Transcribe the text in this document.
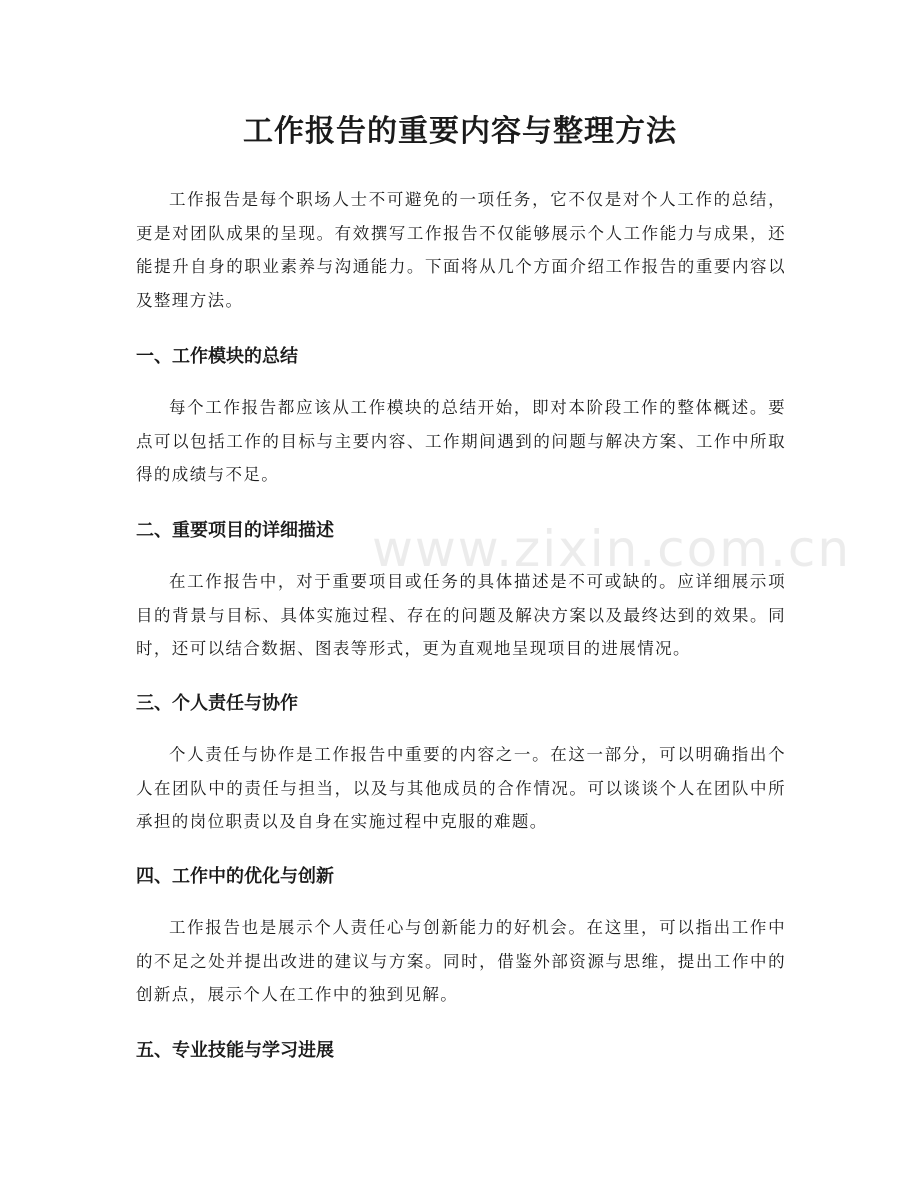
工作报告的重要内容与整理方法

工作报告是每个职场人士不可避免的一项任务，它不仅是对个人工作的总结，更是对团队成果的呈现。有效撰写工作报告不仅能够展示个人工作能力与成果，还能提升自身的职业素养与沟通能力。下面将从几个方面介绍工作报告的重要内容以及整理方法。

一、工作模块的总结

每个工作报告都应该从工作模块的总结开始，即对本阶段工作的整体概述。要点可以包括工作的目标与主要内容、工作期间遇到的问题与解决方案、工作中所取得的成绩与不足。

二、重要项目的详细描述

在工作报告中，对于重要项目或任务的具体描述是不可或缺的。应详细展示项目的背景与目标、具体实施过程、存在的问题及解决方案以及最终达到的效果。同时，还可以结合数据、图表等形式，更为直观地呈现项目的进展情况。

三、个人责任与协作

个人责任与协作是工作报告中重要的内容之一。在这一部分，可以明确指出个人在团队中的责任与担当，以及与其他成员的合作情况。可以谈谈个人在团队中所承担的岗位职责以及自身在实施过程中克服的难题。

四、工作中的优化与创新

工作报告也是展示个人责任心与创新能力的好机会。在这里，可以指出工作中的不足之处并提出改进的建议与方案。同时，借鉴外部资源与思维，提出工作中的创新点，展示个人在工作中的独到见解。

五、专业技能与学习进展
www.zixin.com.cn
